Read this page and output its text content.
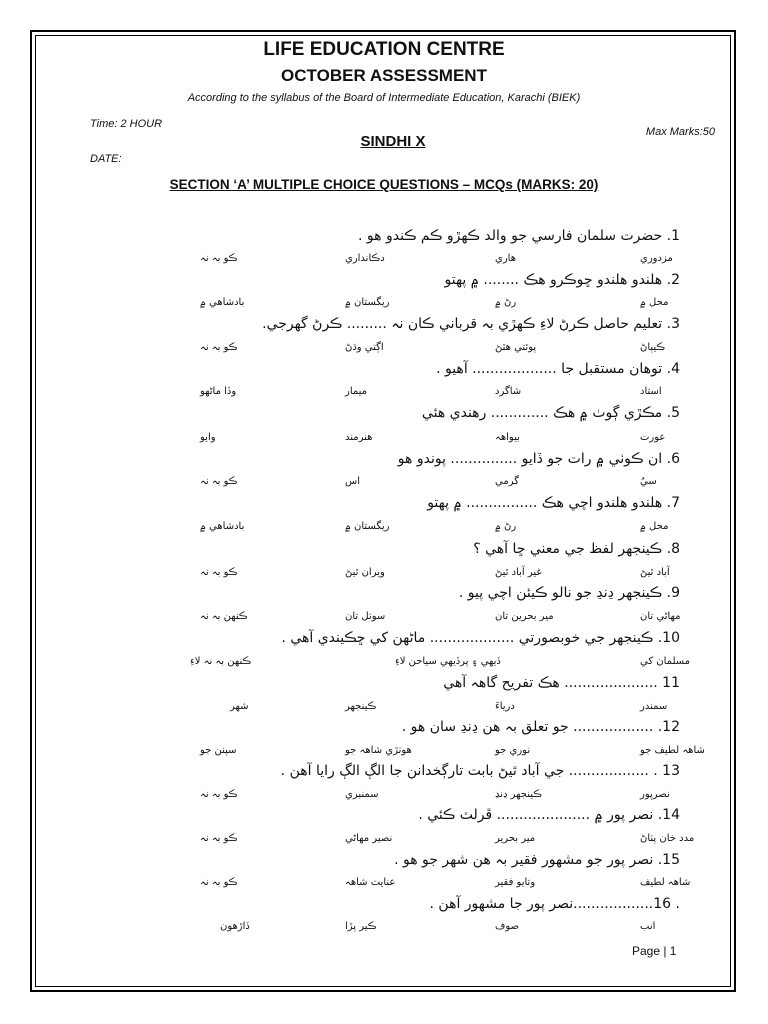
LIFE EDUCATION CENTRE
OCTOBER ASSESSMENT
According to the syllabus of the Board of Intermediate Education, Karachi (BIEK)
Time: 2 HOUR
Max Marks:50
SINDHI X
DATE:
SECTION ‘A’ MULTIPLE CHOICE QUESTIONS – MCQs (MARKS: 20)
1. حضرت سلمان فارسي جو والد ڪهڙو ڪم ڪندو هو .
مزدوري
هاري
دڪانداري
ڪو بہ نہ
2. هلندو هلندو ڇوڪرو هڪ ........ ۾ پهتو
محل ۾
رڻ ۾
ريگستان ۾
بادشاهي ۾
3. تعليم حاصل ڪرڻ لاءِ ڪهڙي بہ قرباني ڪان نہ ......... ڪرڻ گهرجي.
ڪيٻاڻ
پوئتي هٽڻ
اڳتي وڌڻ
ڪو بہ نہ
4. توهان مستقبل جا ................... آهيو .
استاد
شاگرد
ميمار
وڏا ماڻهو
5. مڪڙي ڳوٺ ۾ هڪ ............. رهندي هئي
عورت
بيواهہ
هنرمند
وايو
6. ان ڪوٺي ۾ رات جو ڏايو ............... پوندو هو
سيُ
گرمي
اس
ڪو بہ نہ
7. هلندو هلندو اچي هڪ ................ ۾ پهتو
محل ۾
رڻ ۾
ريگستان ۾
بادشاهي ۾
8. ڪينجهر لفظ جي معني ڇا آهي ؟
آباد ٿيڻ
غير آباد ٿيڻ
ويران ٿيڻ
ڪو بہ نہ
9. ڪينجهر ڍنڍ جو نالو ڪيئن اچي پيو .
مهاڻي تان
مير بحرين تان
سوتل تان
ڪنهن بہ نہ
10. ڪينجهر جي خوبصورتي ................... ماڻهن کي ڇڪيندي آهي .
مسلمان کي
ڏيهي ۽ پرڏيهي سياحن لاءِ
ڪنهن بہ نہ لاءِ
11 ..................... هڪ تفريح گاهہ آهي
سمندر
درياءَ
ڪينجهر
شهر
12. .................. جو تعلق بہ هن ڍنڍ سان هو .
شاهہ لطيف جو
نوري جو
هوٺڙي شاهہ جو
سپنن جو
13 . .................. جي آباد ٿيڻ بابت تارڳخدانن جا الڳ الڳ رايا آهن .
نصرپور
ڪينجهر ڍنڍ
سمنبري
ڪو بہ نہ
14. نصر پور ۾ ..................... ڦرلٽ ڪئي .
مدد خان پٺاڻ
مير بحرير
نصير مهاڻي
ڪو بہ نہ
15. نصر پور جو مشهور فقير بہ هن شهر جو هو .
شاهہ لطيف
وتايو فقير
عنايت شاهہ
ڪو بہ نہ
. 16..................نصر پور جا مشهور آهن .
انب
صوف
ڪير پڙا
ڏاڙهون
Page | 1
